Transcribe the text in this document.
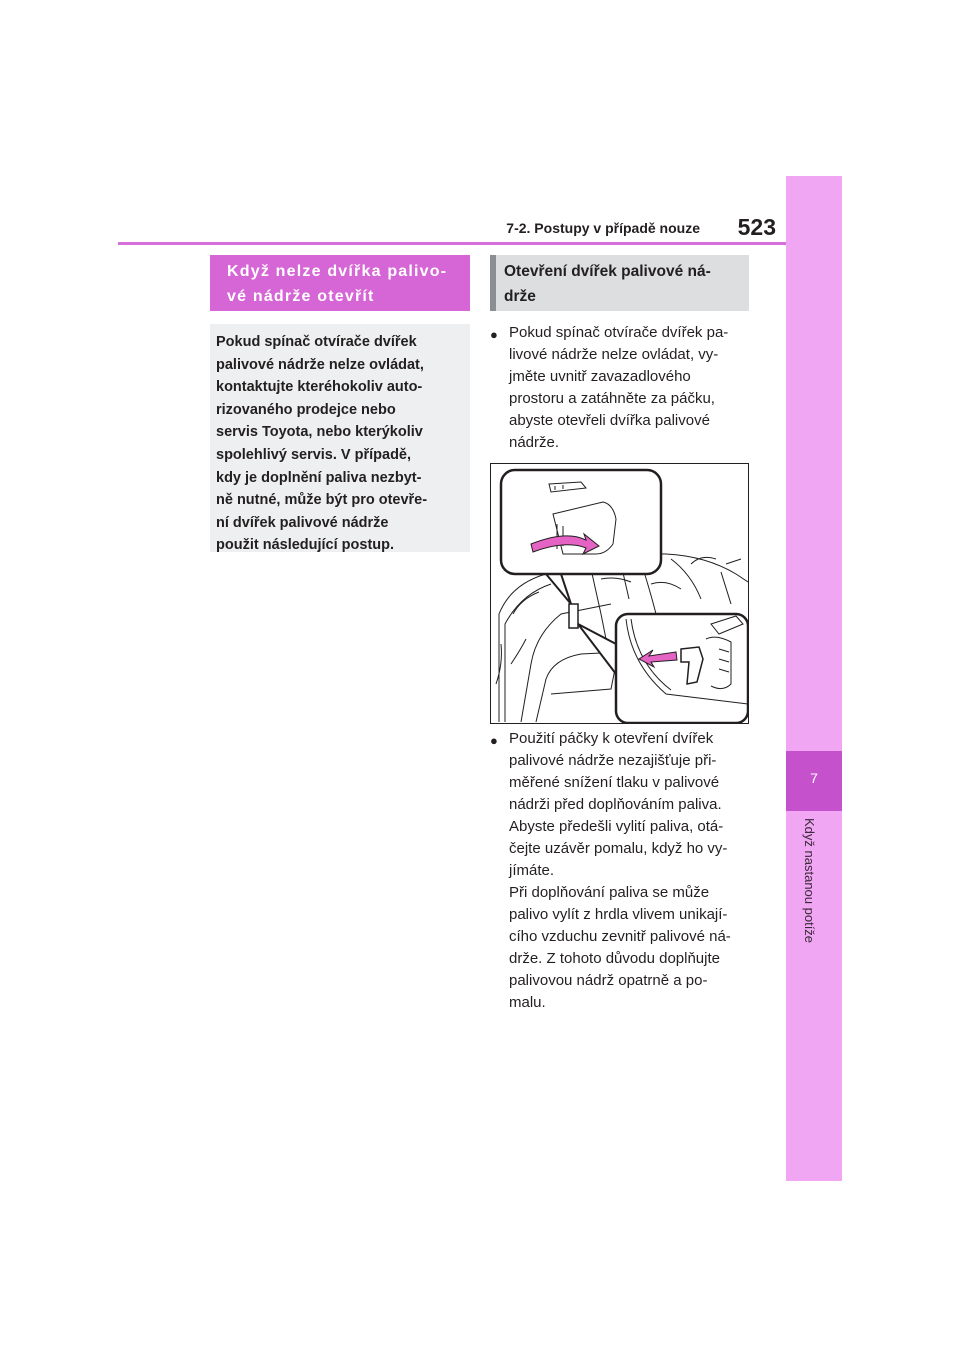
7-2. Postupy v případě nouze	523
7
Když nastanou potíže
Když nelze dvířka palivo-
vé nádrže otevřít
Pokud spínač otvírače dvířek
palivové nádrže nelze ovládat,
kontaktujte kteréhokoliv auto-
rizovaného prodejce nebo
servis Toyota, nebo kterýkoliv
spolehlivý servis. V případě,
kdy je doplnění paliva nezbyt-
ně nutné, může být pro otevře-
ní dvířek palivové nádrže
použit následující postup.
Otevření dvířek palivové ná-
drže
● Pokud spínač otvírače dvířek pa-
livové nádrže nelze ovládat, vy-
jměte uvnitř zavazadlového
prostoru a zatáhněte za páčku,
abyste otevřeli dvířka palivové
nádrže.
● Použití páčky k otevření dvířek
palivové nádrže nezajišťuje při-
měřené snížení tlaku v palivové
nádrži před doplňováním paliva.
Abyste předešli vylití paliva, otá-
čejte uzávěr pomalu, když ho vy-
jímáte.
Při doplňování paliva se může
palivo vylít z hrdla vlivem unikají-
cího vzduchu zevnitř palivové ná-
drže. Z tohoto důvodu doplňujte
palivovou nádrž opatrně a po-
malu.
